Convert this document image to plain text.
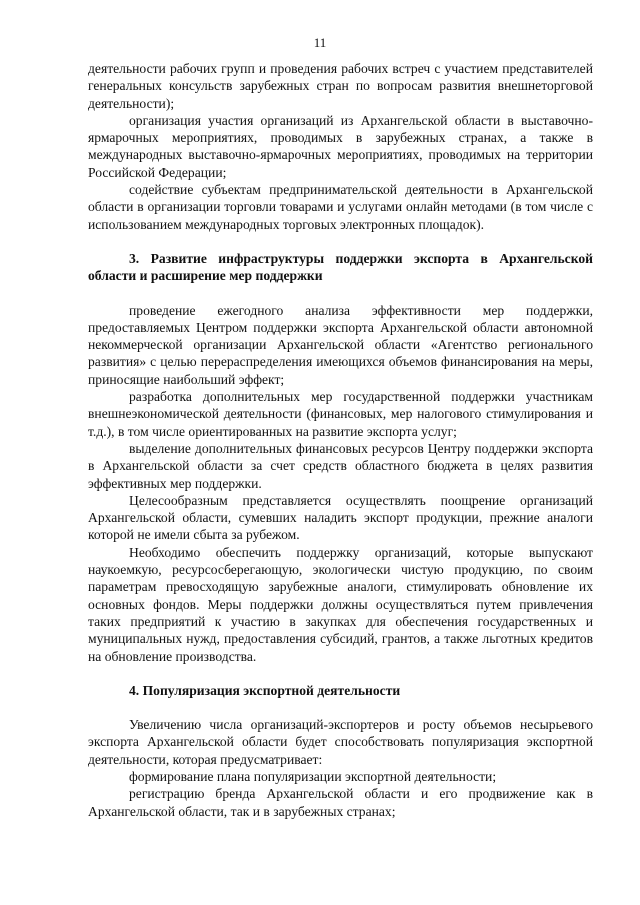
11

деятельности рабочих групп и проведения рабочих встреч с участием представителей генеральных консульств зарубежных стран по вопросам развития внешнеторговой деятельности);

организация участия организаций из Архангельской области в выставочно-ярмарочных мероприятиях, проводимых в зарубежных странах, а также в международных выставочно-ярмарочных мероприятиях, проводимых на территории Российской Федерации;

содействие субъектам предпринимательской деятельности в Архангельской области в организации торговли товарами и услугами онлайн методами (в том числе с использованием международных торговых электронных площадок).

3. Развитие инфраструктуры поддержки экспорта в Архангельской области и расширение мер поддержки

проведение ежегодного анализа эффективности мер поддержки, предоставляемых Центром поддержки экспорта Архангельской области автономной некоммерческой организации Архангельской области «Агентство регионального развития» с целью перераспределения имеющихся объемов финансирования на меры, приносящие наибольший эффект;

разработка дополнительных мер государственной поддержки участникам внешнеэкономической деятельности (финансовых, мер налогового стимулирования и т.д.), в том числе ориентированных на развитие экспорта услуг;

выделение дополнительных финансовых ресурсов Центру поддержки экспорта в Архангельской области за счет средств областного бюджета в целях развития эффективных мер поддержки.

Целесообразным представляется осуществлять поощрение организаций Архангельской области, сумевших наладить экспорт продукции, прежние аналоги которой не имели сбыта за рубежом.

Необходимо обеспечить поддержку организаций, которые выпускают наукоемкую, ресурсосберегающую, экологически чистую продукцию, по своим параметрам превосходящую зарубежные аналоги, стимулировать обновление их основных фондов. Меры поддержки должны осуществляться путем привлечения таких предприятий к участию в закупках для обеспечения государственных и муниципальных нужд, предоставления субсидий, грантов, а также льготных кредитов на обновление производства.

4. Популяризация экспортной деятельности

Увеличению числа организаций-экспортеров и росту объемов несырьевого экспорта Архангельской области будет способствовать популяризация экспортной деятельности, которая предусматривает:

формирование плана популяризации экспортной деятельности;

регистрацию бренда Архангельской области и его продвижение как в Архангельской области, так и в зарубежных странах;
